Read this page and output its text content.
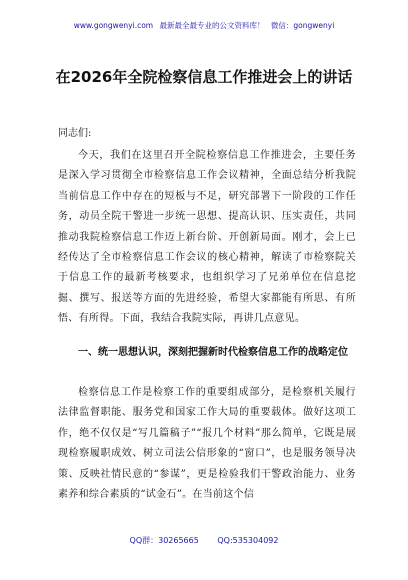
www.gongwenyi.com 最新最全最专业的公文资料库！ 微信：gongwenyi
在2026年全院检察信息工作推进会上的讲话
同志们:
今天，我们在这里召开全院检察信息工作推进会，主要任务是深入学习贯彻全市检察信息工作会议精神，全面总结分析我院当前信息工作中存在的短板与不足，研究部署下一阶段的工作任务，动员全院干警进一步统一思想、提高认识、压实责任，共同推动我院检察信息工作迈上新台阶、开创新局面。刚才，会上已经传达了全市检察信息工作会议的核心精神，解读了市检察院关于信息工作的最新考核要求，也组织学习了兄弟单位在信息挖掘、撰写、报送等方面的先进经验，希望大家都能有所思、有所悟、有所得。下面，我结合我院实际，再讲几点意见。
一、统一思想认识，深刻把握新时代检察信息工作的战略定位
检察信息工作是检察工作的重要组成部分，是检察机关履行法律监督职能、服务党和国家工作大局的重要载体。做好这项工作，绝不仅仅是“写几篇稿子”“报几个材料”那么简单，它既是展现检察履职成效、树立司法公信形象的“窗口”，也是服务领导决策、反映社情民意的“参谋”，更是检验我们干警政治能力、业务素养和综合素质的“试金石”。在当前这个信
QQ群：30265665 QQ:535304092
